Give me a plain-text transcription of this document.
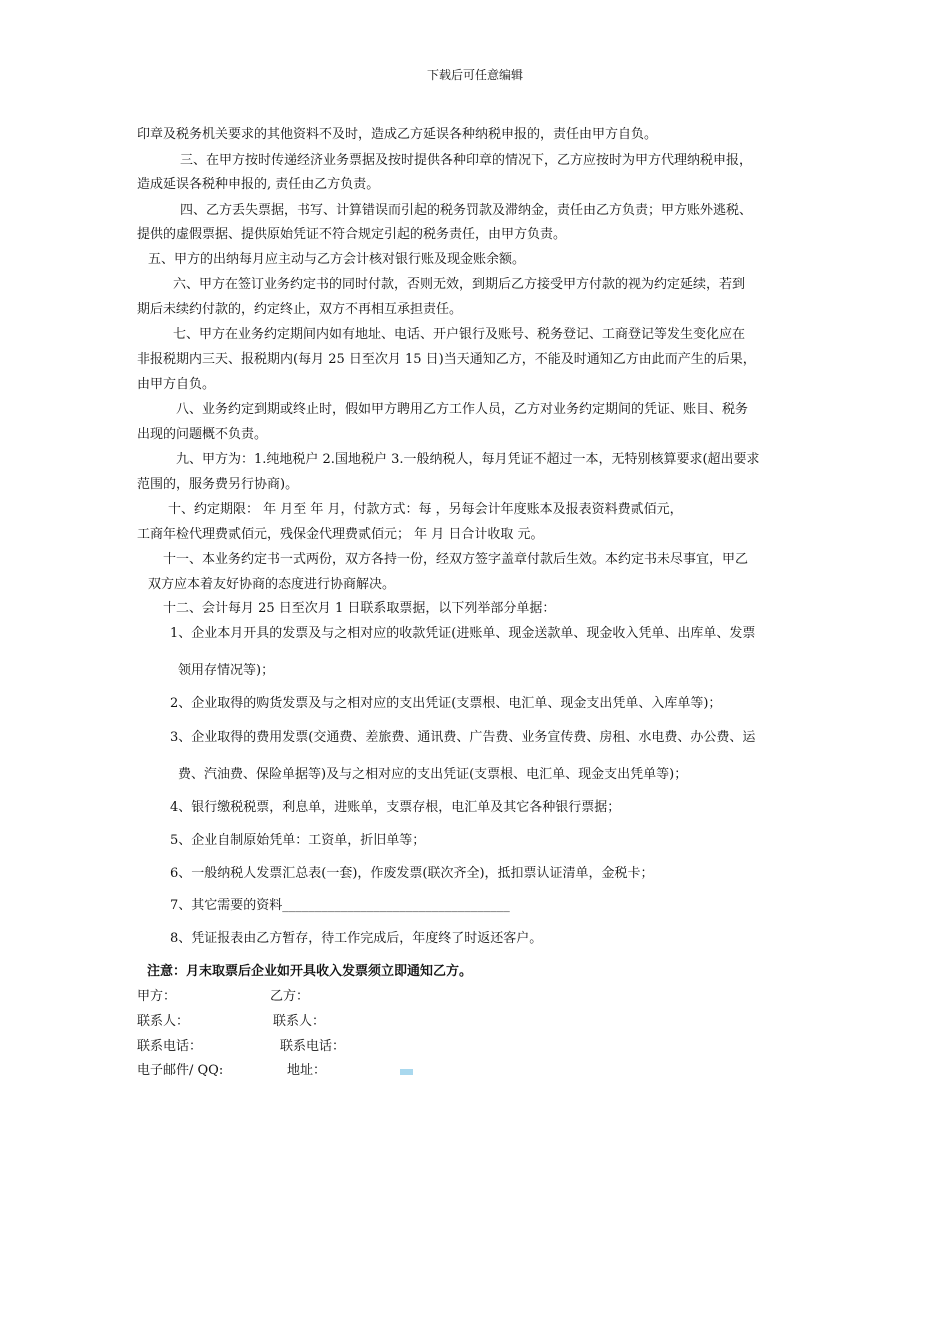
下载后可任意编辑
印章及税务机关要求的其他资料不及时，造成乙方延误各种纳税申报的，责任由甲方自负。
三、在甲方按时传递经济业务票据及按时提供各种印章的情况下，乙方应按时为甲方代理纳税申报，
造成延误各税种申报的, 责任由乙方负责。
四、乙方丢失票据，书写、计算错误而引起的税务罚款及滞纳金，责任由乙方负责；甲方账外逃税、
提供的虚假票据、提供原始凭证不符合规定引起的税务责任，由甲方负责。
五、甲方的出纳每月应主动与乙方会计核对银行账及现金账余额。
六、甲方在签订业务约定书的同时付款，否则无效，到期后乙方接受甲方付款的视为约定延续，若到
期后未续约付款的，约定终止，双方不再相互承担责任。
七、甲方在业务约定期间内如有地址、电话、开户银行及账号、税务登记、工商登记等发生变化应在
非报税期内三天、报税期内(每月 25 日至次月 15 日)当天通知乙方，不能及时通知乙方由此而产生的后果，
由甲方自负。
八、业务约定到期或终止时，假如甲方聘用乙方工作人员，乙方对业务约定期间的凭证、账目、税务
出现的问题概不负责。
九、甲方为：1.纯地税户 2.国地税户 3.一般纳税人，每月凭证不超过一本，无特别核算要求(超出要求
范围的，服务费另行协商)。
十、约定期限： 年 月至 年 月，付款方式：每 ，另每会计年度账本及报表资料费贰佰元，
工商年检代理费贰佰元，残保金代理费贰佰元； 年 月 日合计收取 元。
十一、本业务约定书一式两份，双方各持一份，经双方签字盖章付款后生效。本约定书未尽事宜，甲乙
双方应本着友好协商的态度进行协商解决。
十二、会计每月 25 日至次月 1 日联系取票据，以下列举部分单据：
1、企业本月开具的发票及与之相对应的收款凭证(进账单、现金送款单、现金收入凭单、出库单、发票
领用存情况等)；
2、企业取得的购货发票及与之相对应的支出凭证(支票根、电汇单、现金支出凭单、入库单等)；
3、企业取得的费用发票(交通费、差旅费、通讯费、广告费、业务宣传费、房租、水电费、办公费、运
费、汽油费、保险单据等)及与之相对应的支出凭证(支票根、电汇单、现金支出凭单等)；
4、银行缴税税票，利息单，进账单，支票存根，电汇单及其它各种银行票据；
5、企业自制原始凭单：工资单，折旧单等；
6、一般纳税人发票汇总表(一套)，作废发票(联次齐全)，抵扣票认证清单，金税卡；
7、其它需要的资料___________________________________
8、凭证报表由乙方暂存，待工作完成后，年度终了时返还客户。
注意：月末取票后企业如开具收入发票须立即通知乙方。
甲方：	乙方：
联系人：	联系人：
联系电话：	联系电话：
电子邮件/ QQ:	地址：
